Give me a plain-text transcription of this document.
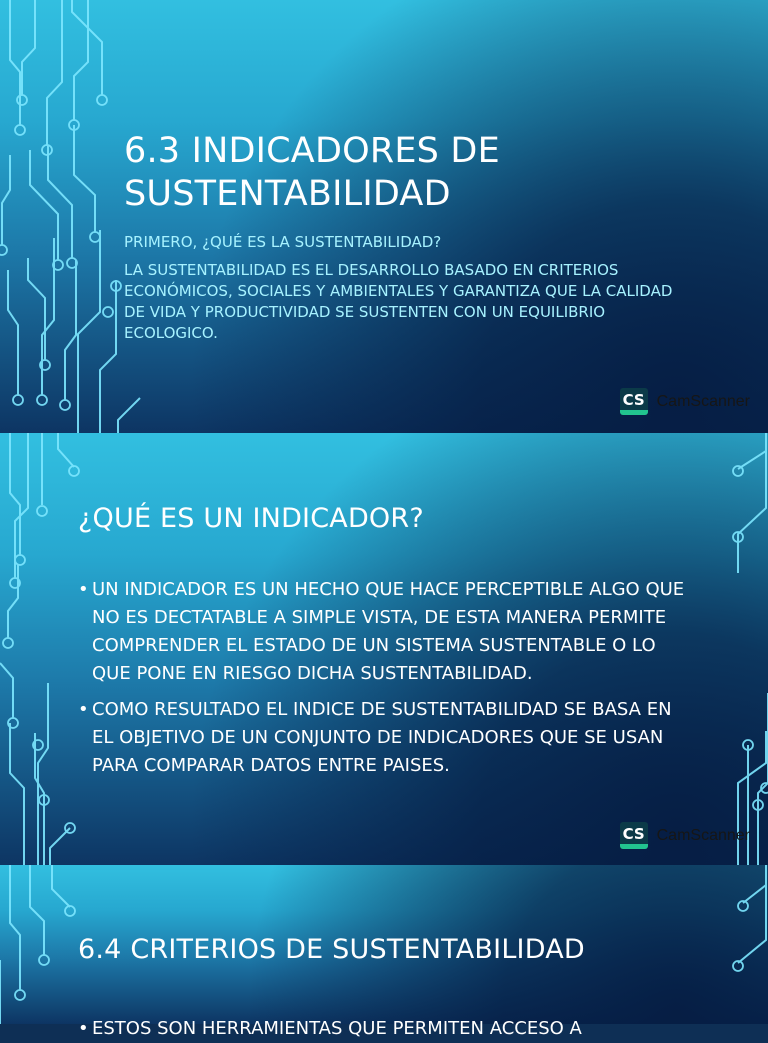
6.3 INDICADORES DE SUSTENTABILIDAD

PRIMERO, ¿QUÉ ES LA SUSTENTABILIDAD?

LA SUSTENTABILIDAD ES EL DESARROLLO BASADO EN CRITERIOS ECONÓMICOS, SOCIALES Y AMBIENTALES Y GARANTIZA QUE LA CALIDAD DE VIDA Y PRODUCTIVIDAD SE SUSTENTEN CON UN EQUILIBRIO ECOLOGICO.

CS CamScanner
¿QUÉ ES UN INDICADOR?
• UN INDICADOR ES UN HECHO QUE HACE PERCEPTIBLE ALGO QUE NO ES DECTATABLE A SIMPLE VISTA, DE ESTA MANERA PERMITE COMPRENDER EL ESTADO DE UN SISTEMA SUSTENTABLE O LO QUE PONE EN RIESGO DICHA SUSTENTABILIDAD.
• COMO RESULTADO EL INDICE DE SUSTENTABILIDAD SE BASA EN EL OBJETIVO DE UN CONJUNTO DE INDICADORES QUE SE USAN PARA COMPARAR DATOS ENTRE PAISES.
CS CamScanner
6.4 CRITERIOS DE SUSTENTABILIDAD

• ESTOS SON HERRAMIENTAS QUE PERMITEN ACCESO A
